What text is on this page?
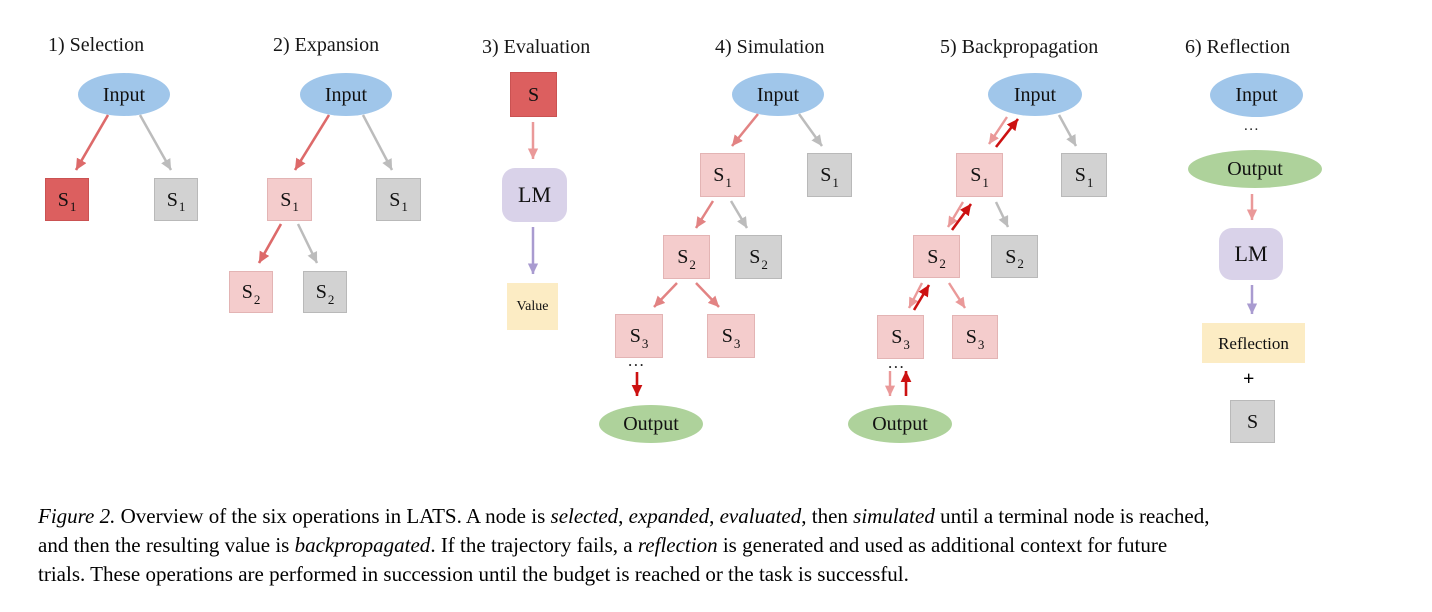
1) Selection
Input
S 1	S 1
2) Expansion
Input
S 1	S 1
S 2	S 2
3) Evaluation
S
LM
Value
4) Simulation
Input
S 1	S 1
S 2	S 2
S 3	S 3
...
Output
5) Backpropagation
Input
S 1	S 1
S 2	S 2
S 3	S 3
...
Output
6) Reflection
Input
...
Output
LM
Reflection
+
S
Figure 2. Overview of the six operations in LATS. A node is selected, expanded, evaluated, then simulated until a terminal node is reached,
and then the resulting value is backpropagated. If the trajectory fails, a reflection is generated and used as additional context for future
trials. These operations are performed in succession until the budget is reached or the task is successful.
